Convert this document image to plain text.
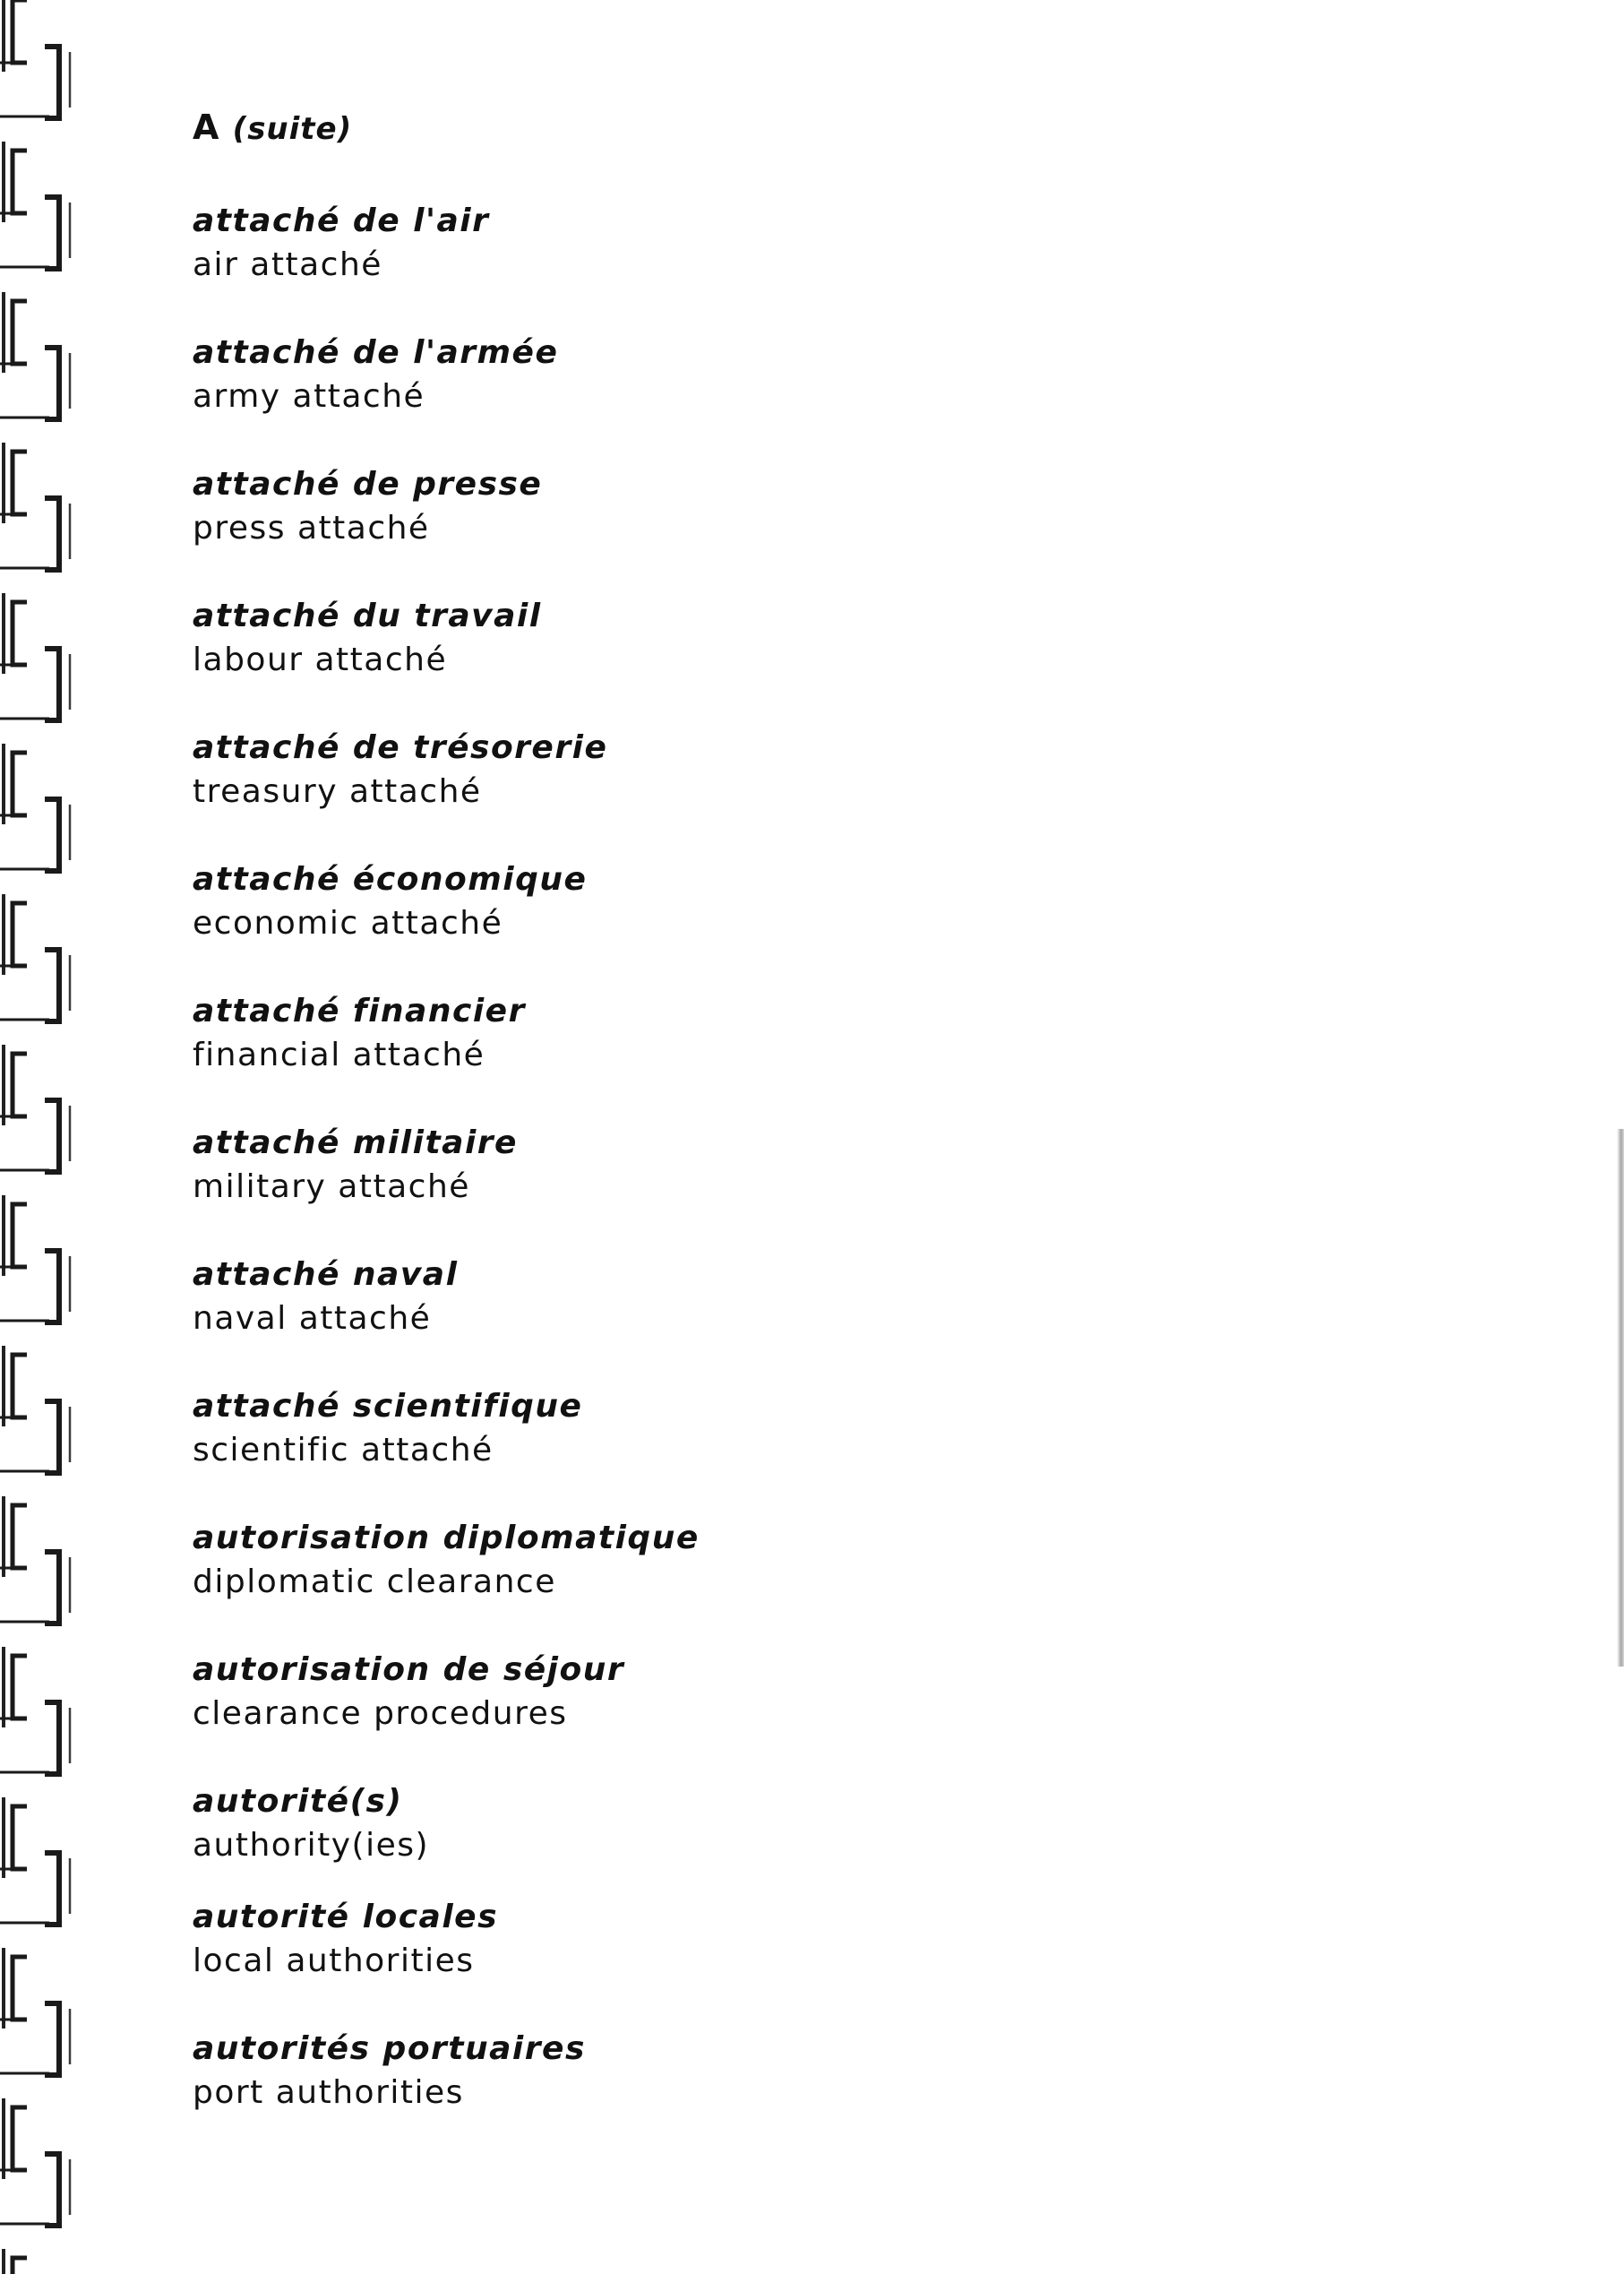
A (suite)
attaché de l'air
air attaché
attaché de l'armée
army attaché
attaché de presse
press attaché
attaché du travail
labour attaché
attaché de trésorerie
treasury attaché
attaché économique
economic attaché
attaché financier
financial attaché
attaché militaire
military attaché
attaché naval
naval attaché
attaché scientifique
scientific attaché
autorisation diplomatique
diplomatic clearance
autorisation de séjour
clearance procedures
autorité(s)
authority(ies)
autorité locales
local authorities
autorités portuaires
port authorities
